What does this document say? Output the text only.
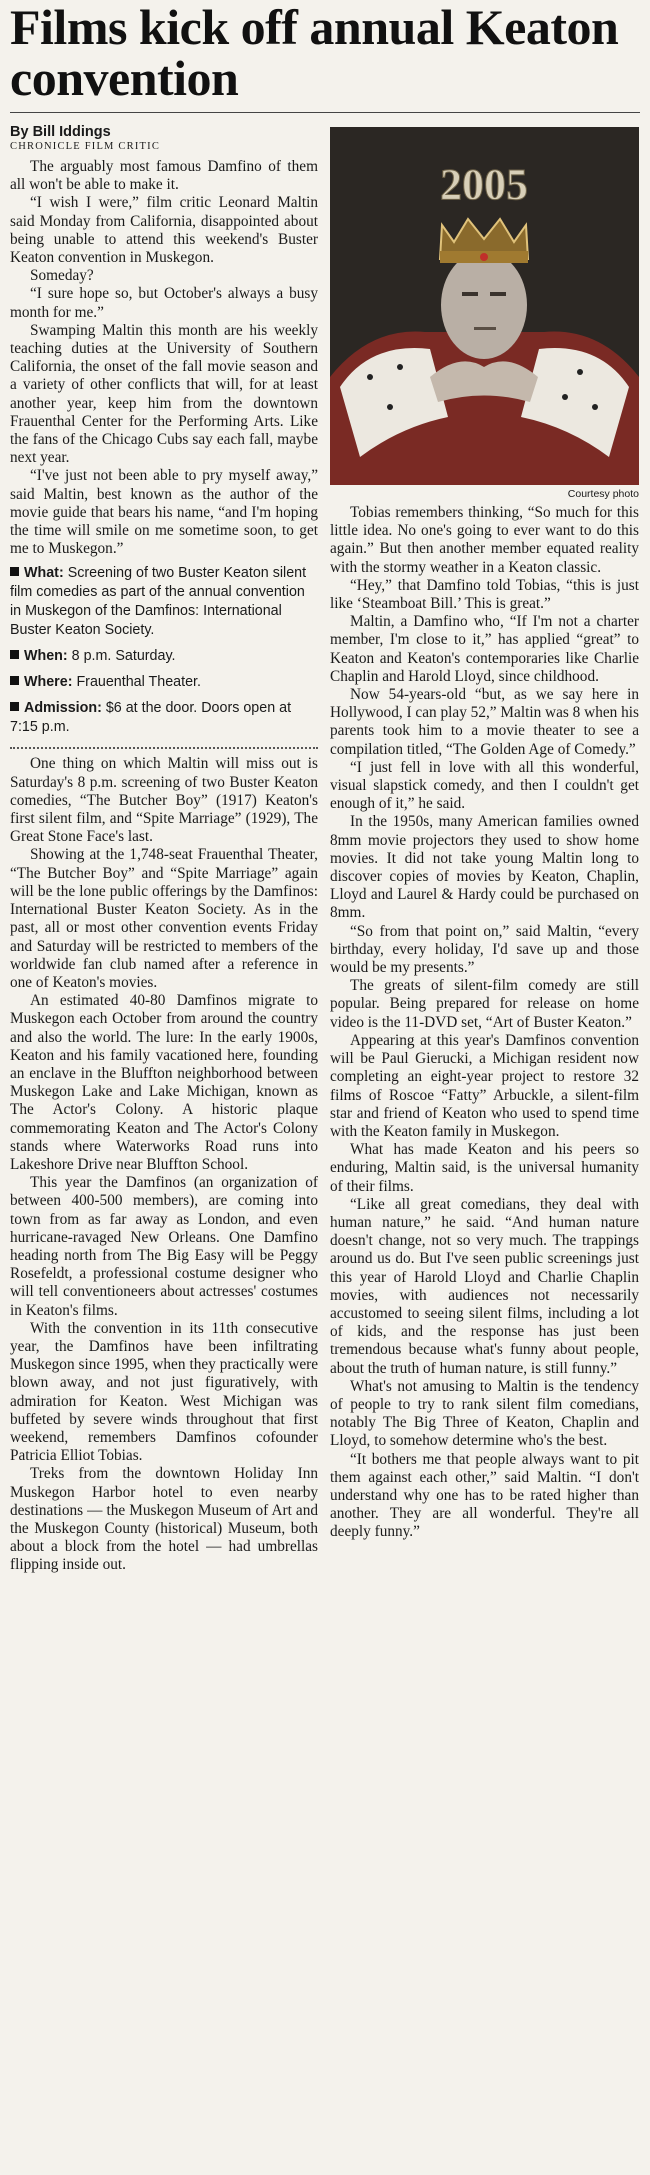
Films kick off annual Keaton convention
By Bill Iddings
CHRONICLE FILM CRITIC

The arguably most famous Damfino of them all won't be able to make it.

“I wish I were,” film critic Leonard Maltin said Monday from California, disappointed about being unable to attend this weekend's Buster Keaton convention in Muskegon.

Someday?

“I sure hope so, but October's always a busy month for me.”

Swamping Maltin this month are his weekly teaching duties at the University of Southern California, the onset of the fall movie season and a variety of other conflicts that will, for at least another year, keep him from the downtown Frauenthal Center for the Performing Arts. Like the fans of the Chicago Cubs say each fall, maybe next year.

“I've just not been able to pry myself away,” said Maltin, best known as the author of the movie guide that bears his name, “and I'm hoping the time will smile on me sometime soon, to get me to Muskegon.”

What: Screening of two Buster Keaton silent film comedies as part of the annual convention in Muskegon of the Damfinos: International Buster Keaton Society.

When: 8 p.m. Saturday.

Where: Frauenthal Theater.

Admission: $6 at the door. Doors open at 7:15 p.m.

One thing on which Maltin will miss out is Saturday's 8 p.m. screening of two Buster Keaton comedies, “The Butcher Boy” (1917) Keaton's first silent film, and “Spite Marriage” (1929), The Great Stone Face's last.

Showing at the 1,748-seat Frauenthal Theater, “The Butcher Boy” and “Spite Marriage” again will be the lone public offerings by the Damfinos: International Buster Keaton Society. As in the past, all or most other convention events Friday and Saturday will be restricted to members of the worldwide fan club named after a reference in one of Keaton's movies.

An estimated 40-80 Damfinos migrate to Muskegon each October from around the country and also the world. The lure: In the early 1900s, Keaton and his family vacationed here, founding an enclave in the Bluffton neighborhood between Muskegon Lake and Lake Michigan, known as The Actor's Colony. A historic plaque commemorating Keaton and The Actor's Colony stands where Waterworks Road runs into Lakeshore Drive near Bluffton School.

This year the Damfinos (an organization of between 400-500 members), are coming into town from as far away as London, and even hurricane-ravaged New Orleans. One Damfino heading north from The Big Easy will be Peggy Rosefeldt, a professional costume designer who will tell conventioneers about actresses' costumes in Keaton's films.

With the convention in its 11th consecutive year, the Damfinos have been infiltrating Muskegon since 1995, when they practically were blown away, and not just figuratively, with admiration for Keaton. West Michigan was buffeted by severe winds throughout that first weekend, remembers Damfinos cofounder Patricia Elliot Tobias.

Treks from the downtown Holiday Inn Muskegon Harbor hotel to even nearby destinations — the Muskegon Museum of Art and the Muskegon County (historical) Museum, both about a block from the hotel — had umbrellas flipping inside out.

2005
Courtesy photo

Tobias remembers thinking, “So much for this little idea. No one's going to ever want to do this again.” But then another member equated reality with the stormy weather in a Keaton classic.

“Hey,” that Damfino told Tobias, “this is just like ‘Steamboat Bill.’ This is great.”

Maltin, a Damfino who, “If I'm not a charter member, I'm close to it,” has applied “great” to Keaton and Keaton's contemporaries like Charlie Chaplin and Harold Lloyd, since childhood.

Now 54-years-old “but, as we say here in Hollywood, I can play 52,” Maltin was 8 when his parents took him to a movie theater to see a compilation titled, “The Golden Age of Comedy.”

“I just fell in love with all this wonderful, visual slapstick comedy, and then I couldn't get enough of it,” he said.

In the 1950s, many American families owned 8mm movie projectors they used to show home movies. It did not take young Maltin long to discover copies of movies by Keaton, Chaplin, Lloyd and Laurel & Hardy could be purchased on 8mm.

“So from that point on,” said Maltin, “every birthday, every holiday, I'd save up and those would be my presents.”

The greats of silent-film comedy are still popular. Being prepared for release on home video is the 11-DVD set, “Art of Buster Keaton.”

Appearing at this year's Damfinos convention will be Paul Gierucki, a Michigan resident now completing an eight-year project to restore 32 films of Roscoe “Fatty” Arbuckle, a silent-film star and friend of Keaton who used to spend time with the Keaton family in Muskegon.

What has made Keaton and his peers so enduring, Maltin said, is the universal humanity of their films.

“Like all great comedians, they deal with human nature,” he said. “And human nature doesn't change, not so very much. The trappings around us do. But I've seen public screenings just this year of Harold Lloyd and Charlie Chaplin movies, with audiences not necessarily accustomed to seeing silent films, including a lot of kids, and the response has just been tremendous because what's funny about people, about the truth of human nature, is still funny.”

What's not amusing to Maltin is the tendency of people to try to rank silent film comedians, notably The Big Three of Keaton, Chaplin and Lloyd, to somehow determine who's the best.

“It bothers me that people always want to pit them against each other,” said Maltin. “I don't understand why one has to be rated higher than another. They are all wonderful. They're all deeply funny.”
